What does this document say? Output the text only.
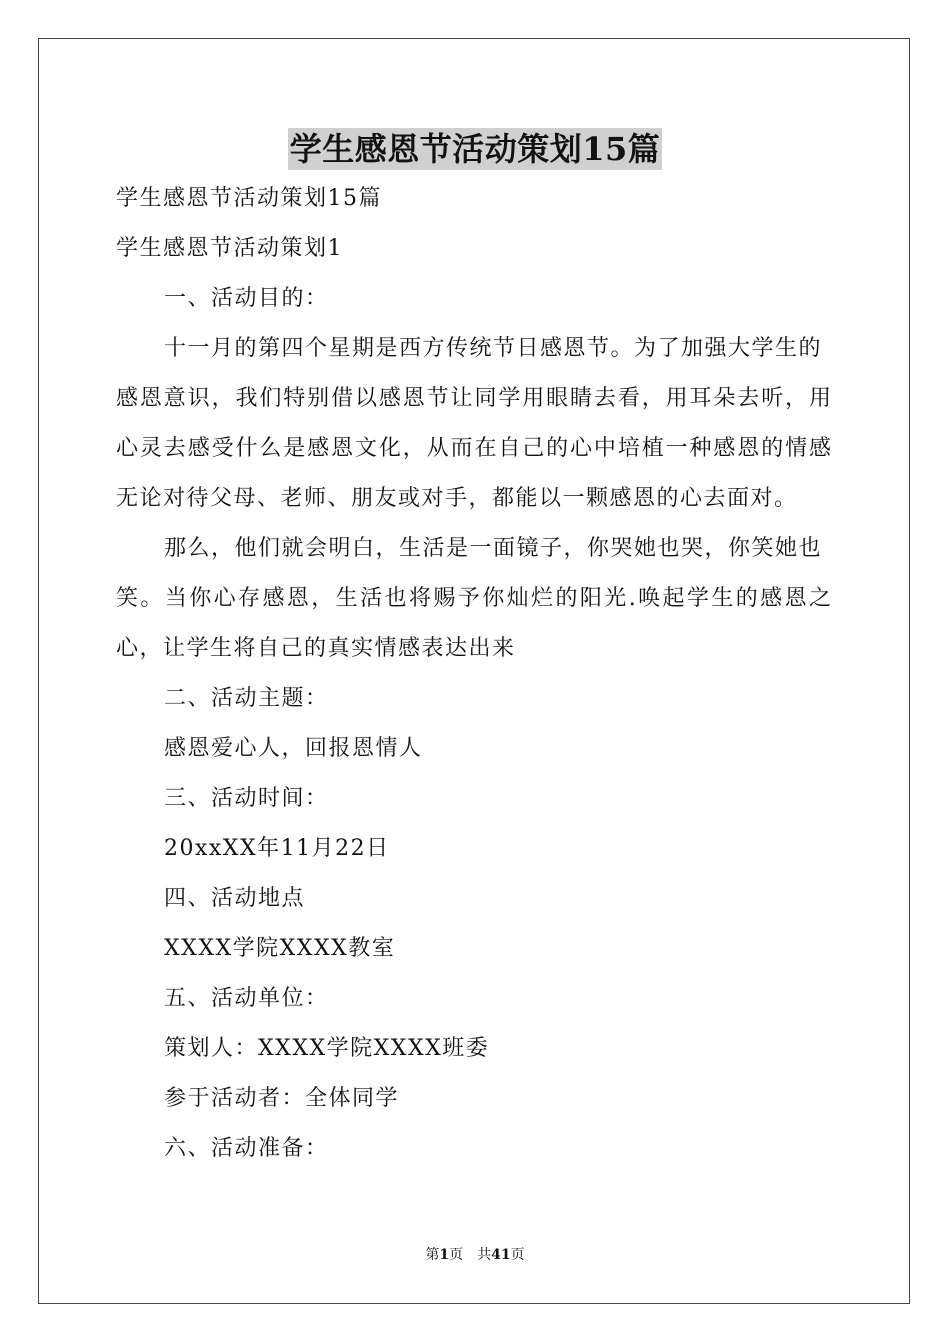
学生感恩节活动策划15篇
学生感恩节活动策划15篇
学生感恩节活动策划1
一、活动目的：
十一月的第四个星期是西方传统节日感恩节。为了加强大学生的
感恩意识，我们特别借以感恩节让同学用眼睛去看，用耳朵去听，用
心灵去感受什么是感恩文化，从而在自己的心中培植一种感恩的情感
无论对待父母、老师、朋友或对手，都能以一颗感恩的心去面对。
那么，他们就会明白，生活是一面镜子，你哭她也哭，你笑她也
笑。当你心存感恩，生活也将赐予你灿烂的阳光.唤起学生的感恩之
心，让学生将自己的真实情感表达出来
二、活动主题：
感恩爱心人，回报恩情人
三、活动时间：
20xxXX年11月22日
四、活动地点
XXXX学院XXXX教室
五、活动单位：
策划人：XXXX学院XXXX班委
参于活动者：全体同学
六、活动准备：
第1页　共41页
